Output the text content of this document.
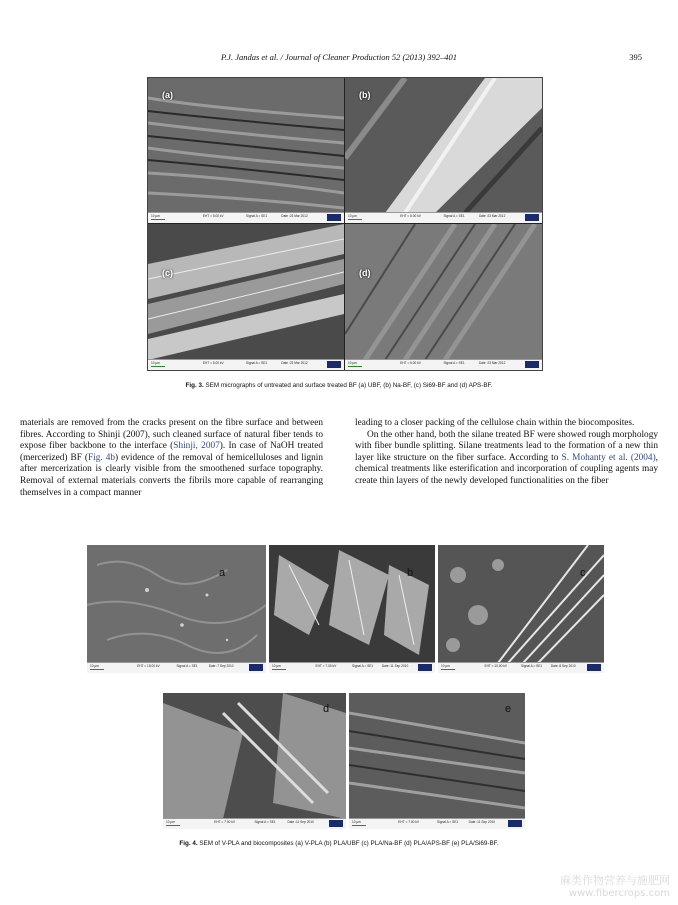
P.J. Jandas et al. / Journal of Cleaner Production 52 (2013) 392–401	395
(a)
10 µm	EHT = 5.00 kV	Signal A = SE1	Date :23 Mar 2012
(b)
10 µm	EHT = 5.00 kV	Signal A = SE1	Date :23 Mar 2012
(c)
10 µm	EHT = 5.00 kV	Signal A = SE1	Date :23 Mar 2012
(d)
10 µm	EHT = 5.00 kV	Signal A = SE1	Date :23 Mar 2012
Fig. 3. SEM micrographs of untreated and surface treated BF (a) UBF, (b) Na-BF, (c) Si69-BF and (d) APS-BF.

materials are removed from the cracks present on the fibre surface and between fibres. According to Shinji (2007), such cleaned surface of natural fiber tends to expose fiber backbone to the interface (Shinji, 2007). In case of NaOH treated (mercerized) BF (Fig. 4b) evidence of the removal of hemicelluloses and lignin after mercerization is clearly visible from the smoothened surface topography. Removal of external materials converts the fibrils more capable of rearranging themselves in a compact manner

leading to a closer packing of the cellulose chain within the biocomposites.

On the other hand, both the silane treated BF were showed rough morphology with fiber bundle splitting. Silane treatments lead to the formation of a new thin layer like structure on the fiber surface. According to S. Mohanty et al. (2004), chemical treatments like esterification and incorporation of coupling agents may create thin layers of the newly developed functionalities on the fiber

a
10 µm	EHT = 15.00 kV	Signal A = SE1	Date :7 Sep 2010
b
10 µm	EHT = 7.00 kV	Signal A = SE1	Date :11 Sep 2010
c
10 µm	EHT = 10.00 kV	Signal A = SE1	Date :8 Sep 2010
d
10 µm	EHT = 7.00 kV	Signal A = SE1	Date :11 Sep 2010
e
10 µm	EHT = 7.00 kV	Signal A = SE1	Date :11 Sep 2010
Fig. 4. SEM of V-PLA and biocomposites (a) V-PLA (b) PLA/UBF (c) PLA/Na-BF (d) PLA/APS-BF (e) PLA/Si69-BF.
麻类作物营养与施肥网
www.fibercrops.com
